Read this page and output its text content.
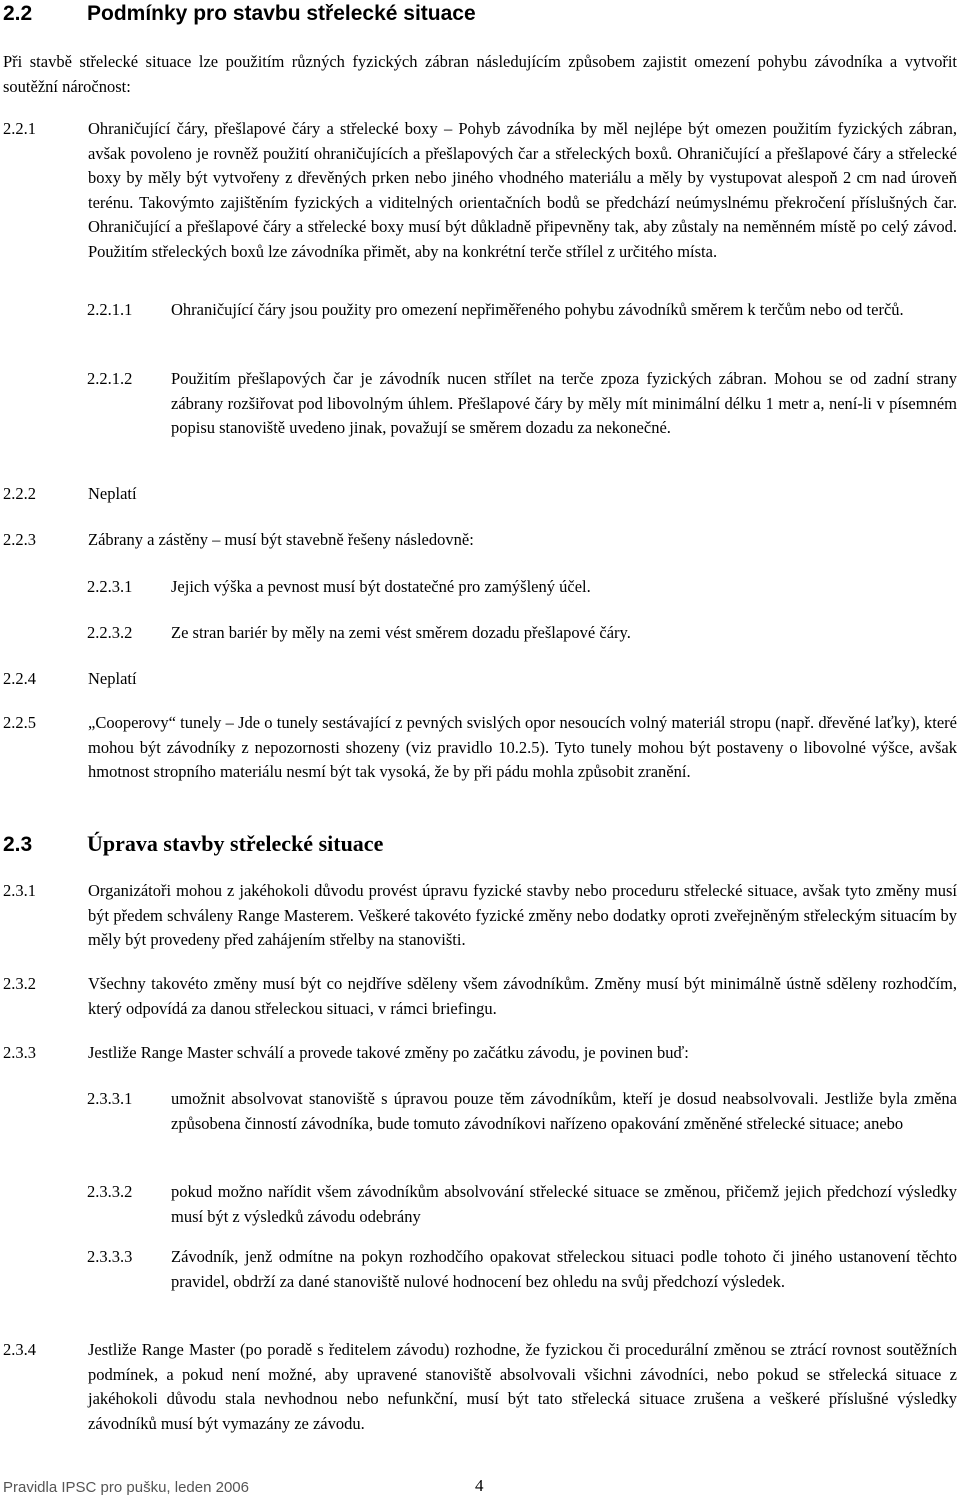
2.2	Podmínky pro stavbu střelecké situace
Při stavbě střelecké situace lze použitím různých fyzických zábran následujícím způsobem zajistit omezení pohybu závodníka a vytvořit soutěžní náročnost:
2.2.1	Ohraničující čáry, přešlapové čáry a střelecké boxy – Pohyb závodníka by měl nejlépe být omezen použitím fyzických zábran, avšak povoleno je rovněž použití ohraničujících a přešlapových čar a střeleckých boxů. Ohraničující a přešlapové čáry a střelecké boxy by měly být vytvořeny z dřevěných prken nebo jiného vhodného materiálu a měly by vystupovat alespoň 2 cm nad úroveň terénu. Takovýmto zajištěním fyzických a viditelných orientačních bodů se předchází neúmyslnému překročení příslušných čar. Ohraničující a přešlapové čáry a střelecké boxy musí být důkladně připevněny tak, aby zůstaly na neměnném místě po celý závod. Použitím střeleckých boxů lze závodníka přimět, aby na konkrétní terče střílel z určitého místa.
2.2.1.1 Ohraničující čáry jsou použity pro omezení nepřiměřeného pohybu závodníků směrem k terčům nebo od terčů.
2.2.1.2 Použitím přešlapových čar je závodník nucen střílet na terče zpoza fyzických zábran. Mohou se od zadní strany zábrany rozšiřovat pod libovolným úhlem. Přešlapové čáry by měly mít minimální délku 1 metr a, není-li v písemném popisu stanoviště uvedeno jinak, považují se směrem dozadu za nekonečné.
2.2.2	Neplatí
2.2.3	Zábrany a zástěny – musí být stavebně řešeny následovně:
2.2.3.1 Jejich výška a pevnost musí být dostatečné pro zamýšlený účel.
2.2.3.2 Ze stran bariér by měly na zemi vést směrem dozadu přešlapové čáry.
2.2.4	Neplatí
2.2.5	„Cooperovy“ tunely – Jde o tunely sestávající z pevných svislých opor nesoucích volný materiál stropu (např. dřevěné laťky), které mohou být závodníky z nepozornosti shozeny (viz pravidlo 10.2.5). Tyto tunely mohou být postaveny o libovolné výšce, avšak hmotnost stropního materiálu nesmí být tak vysoká, že by při pádu mohla způsobit zranění.
2.3 Úprava stavby střelecké situace
2.3.1	Organizátoři mohou z jakéhokoli důvodu provést úpravu fyzické stavby nebo proceduru střelecké situace, avšak tyto změny musí být předem schváleny Range Masterem. Veškeré takovéto fyzické změny nebo dodatky oproti zveřejněným střeleckým situacím by měly být provedeny před zahájením střelby na stanovišti.
2.3.2	Všechny takovéto změny musí být co nejdříve sděleny všem závodníkům. Změny musí být minimálně ústně sděleny rozhodčím, který odpovídá za danou střeleckou situaci, v rámci briefingu.
2.3.3	Jestliže Range Master schválí a provede takové změny po začátku závodu, je povinen buď:
2.3.3.1 umožnit absolvovat stanoviště s úpravou pouze těm závodníkům, kteří je dosud neabsolvovali. Jestliže byla změna způsobena činností závodníka, bude tomuto závodníkovi nařízeno opakování změněné střelecké situace; anebo
2.3.3.2 pokud možno nařídit všem závodníkům absolvování střelecké situace se změnou, přičemž jejich předchozí výsledky musí být z výsledků závodu odebrány
2.3.3.3 Závodník, jenž odmítne na pokyn rozhodčího opakovat střeleckou situaci podle tohoto či jiného ustanovení těchto pravidel, obdrží za dané stanoviště nulové hodnocení bez ohledu na svůj předchozí výsledek.
2.3.4	Jestliže Range Master (po poradě s ředitelem závodu) rozhodne, že fyzickou či procedurální změnou se ztrácí rovnost soutěžních podmínek, a pokud není možné, aby upravené stanoviště absolvovali všichni závodníci, nebo pokud se střelecká situace z jakéhokoli důvodu stala nevhodnou nebo nefunkční, musí být tato střelecká situace zrušena a veškeré příslušné výsledky závodníků musí být vymazány ze závodu.
Pravidla IPSC pro pušku, leden 2006	4
